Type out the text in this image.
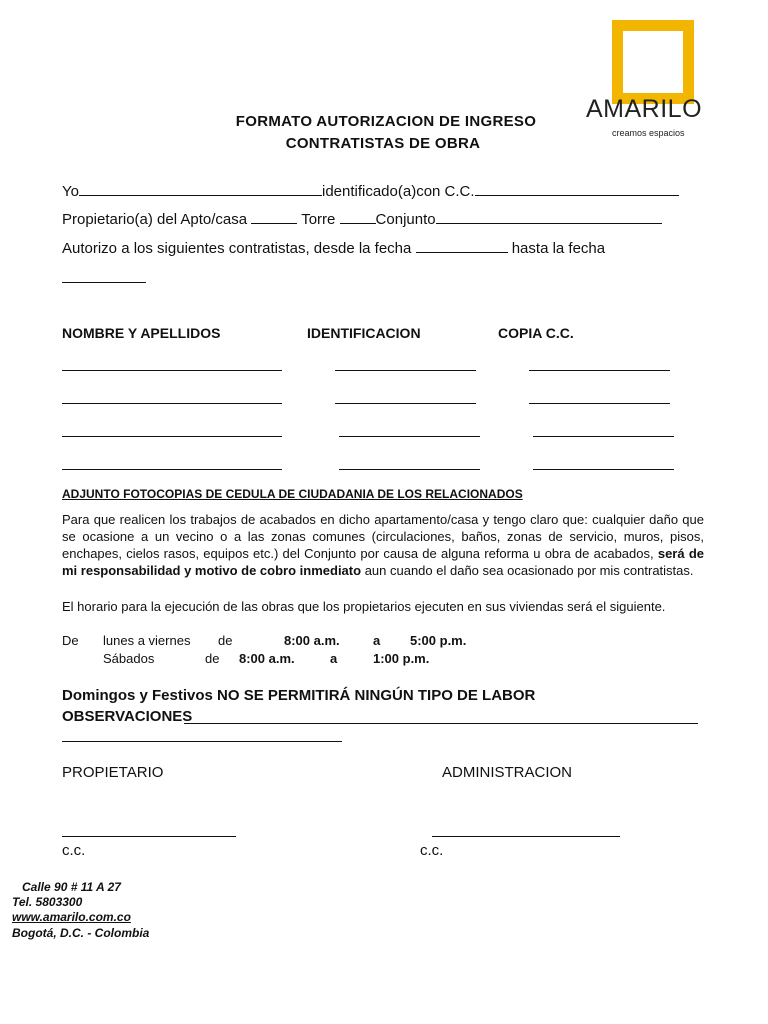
AMARILO
creamos espacios
FORMATO AUTORIZACION DE INGRESO
CONTRATISTAS DE OBRA
Yo	identificado(a)con C.C.
Propietario(a) del Apto/casa	Torre	Conjunto
Autorizo a los siguientes contratistas, desde la fecha	hasta la fecha
NOMBRE Y APELLIDOS	IDENTIFICACION	COPIA C.C.
ADJUNTO FOTOCOPIAS DE CEDULA DE CIUDADANIA DE LOS RELACIONADOS
Para que realicen los trabajos de acabados en dicho apartamento/casa y tengo claro que: cualquier daño que se ocasione a un vecino o a las zonas comunes (circulaciones, baños, zonas de servicio, muros, pisos, enchapes, cielos rasos, equipos etc.) del Conjunto por causa de alguna reforma u obra de acabados, será de mi responsabilidad y motivo de cobro inmediato aun cuando el daño sea ocasionado por mis contratistas.
El horario para la ejecución de las obras que los propietarios ejecuten en sus viviendas será el siguiente.
De lunes a viernes de	8:00 a.m.	a 5:00 p.m.
Sábados	de 8:00 a.m.	a	1:00 p.m.
Domingos y Festivos NO SE PERMITIRÁ NINGÚN TIPO DE LABOR
OBSERVACIONES
PROPIETARIO	ADMINISTRACION
c.c.	c.c.
Calle 90 # 11 A 27
Tel. 5803300
www.amarilo.com.co
Bogotá, D.C. - Colombia
